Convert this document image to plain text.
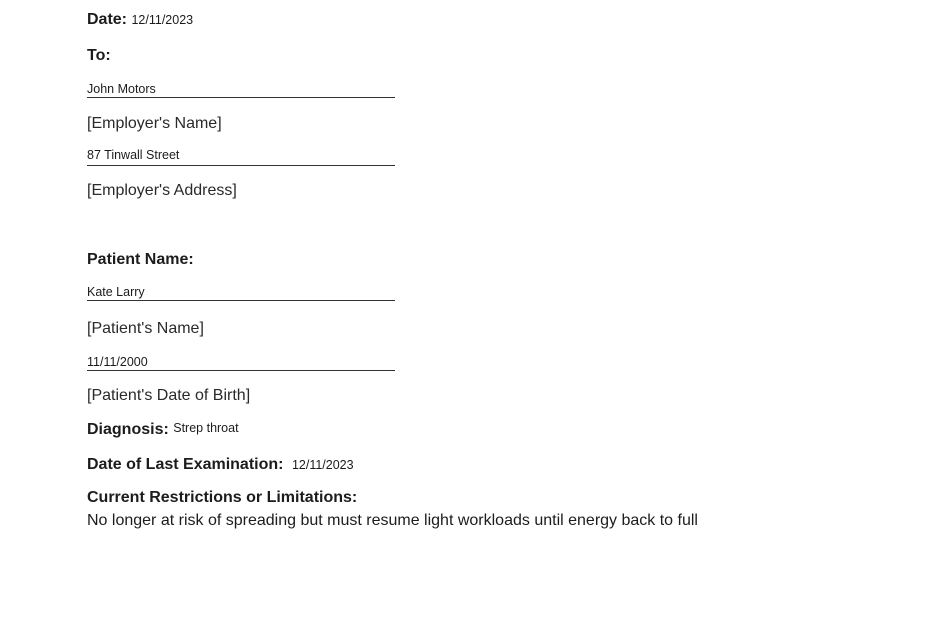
Date: 12/11/2023
To:
John Motors
[Employer's Name]
87 Tinwall Street
[Employer's Address]
Patient Name:
Kate Larry
[Patient's Name]
11/11/2000
[Patient's Date of Birth]
Diagnosis: Strep throat
Date of Last Examination: 12/11/2023
Current Restrictions or Limitations:
No longer at risk of spreading but must resume light workloads until energy back to full
